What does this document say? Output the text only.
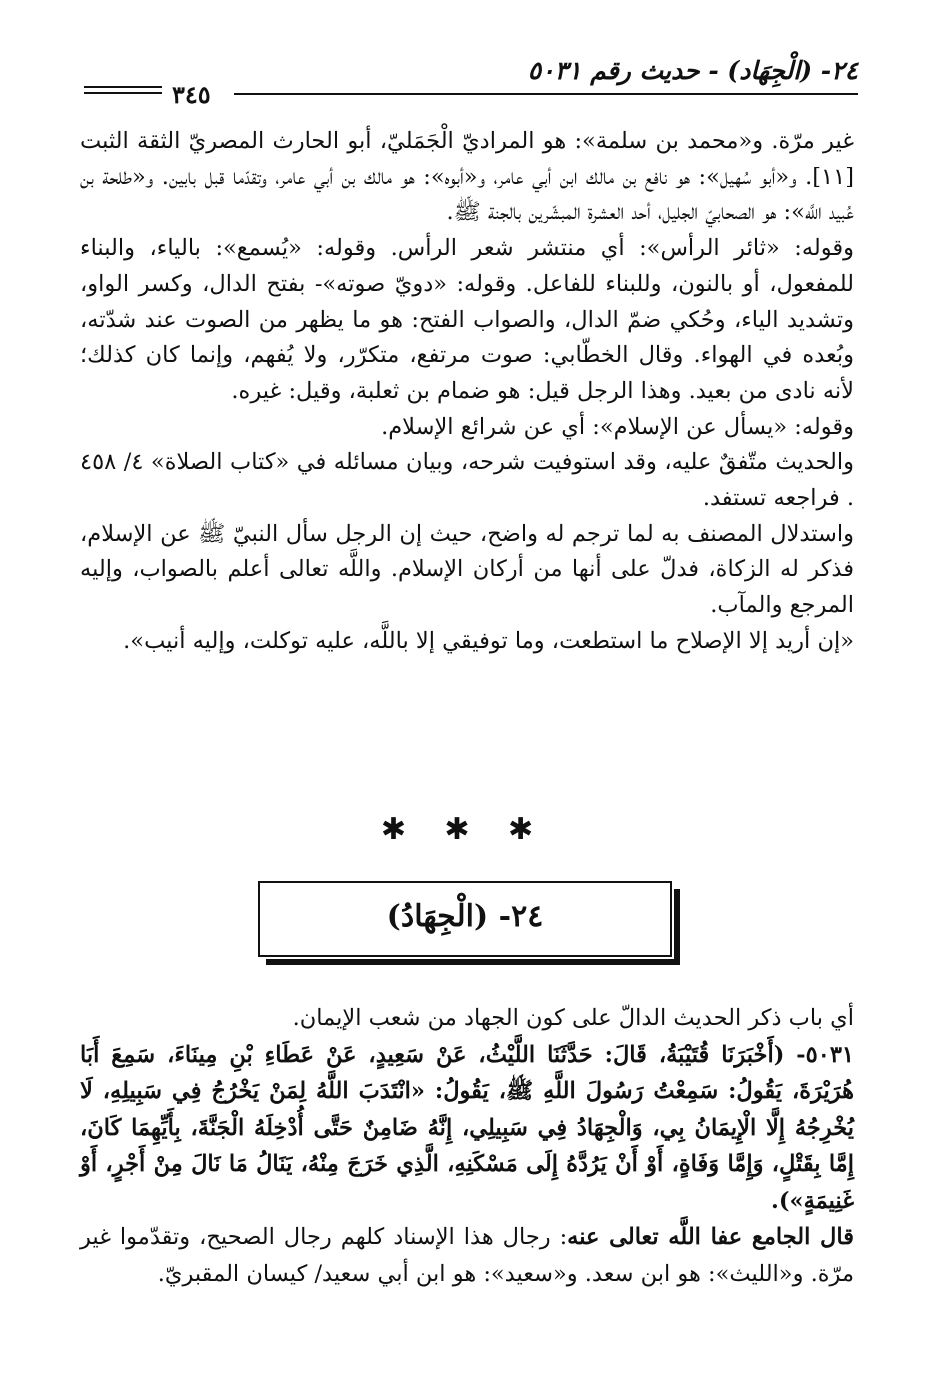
٢٤- (الْجِهَاد) - حديث رقم ٥٠٣١
٣٤٥

غير مرّة. و«محمد بن سلمة»: هو المراديّ الْجَمَليّ، أبو الحارث المصريّ الثقة الثبت [١١]. و«أبو سُهيل»: هو نافع بن مالك ابن أبي عامر، و«أبوه»: هو مالك بن أبي عامر، وتقدّما قبل بابين. و«طلحة بن عُبيد اللَّه»: هو الصحابيّ الجليل، أحد العشرة المبشّرين بالجنة ﷺ.

وقوله: «ثائر الرأس»: أي منتشر شعر الرأس. وقوله: «يُسمع»: بالياء، والبناء للمفعول، أو بالنون، وللبناء للفاعل. وقوله: «دويّ صوته»- بفتح الدال، وكسر الواو، وتشديد الياء، وحُكي ضمّ الدال، والصواب الفتح: هو ما يظهر من الصوت عند شدّته، وبُعده في الهواء. وقال الخطّابي: صوت مرتفع، متكرّر، ولا يُفهم، وإنما كان كذلك؛ لأنه نادى من بعيد. وهذا الرجل قيل: هو ضمام بن ثعلبة، وقيل: غيره.

وقوله: «يسأل عن الإسلام»: أي عن شرائع الإسلام.

والحديث متّفقٌ عليه، وقد استوفيت شرحه، وبيان مسائله في «كتاب الصلاة» ٤/ ٤٥٨ . فراجعه تستفد.

واستدلال المصنف به لما ترجم له واضح، حيث إن الرجل سأل النبيّ ﷺ عن الإسلام، فذكر له الزكاة، فدلّ على أنها من أركان الإسلام. واللَّه تعالى أعلم بالصواب، وإليه المرجع والمآب.

«إن أريد إلا الإصلاح ما استطعت، وما توفيقي إلا باللَّه، عليه توكلت، وإليه أنيب».

✱ ✱ ✱
٢٤- (الْجِهَادُ)

أي باب ذكر الحديث الدالّ على كون الجهاد من شعب الإيمان.

٥٠٣١- (أَخْبَرَنَا قُتَيْبَةُ، قَالَ: حَدَّثَنَا اللَّيْثُ، عَنْ سَعِيدٍ، عَنْ عَطَاءِ بْنِ مِينَاءَ، سَمِعَ أَبَا هُرَيْرَةَ، يَقُولُ: سَمِعْتُ رَسُولَ اللَّهِ ﷺ، يَقُولُ: «انْتَدَبَ اللَّهُ لِمَنْ يَخْرُجُ فِي سَبِيلِهِ، لَا يُخْرِجُهُ إِلَّا الْإِيمَانُ بِي، وَالْجِهَادُ فِي سَبِيلِي، إِنَّهُ ضَامِنٌ حَتَّى أُدْخِلَهُ الْجَنَّةَ، بِأَيِّهِمَا كَانَ، إِمَّا بِقَتْلٍ، وَإِمَّا وَفَاةٍ، أَوْ أَنْ يَرُدَّهُ إِلَى مَسْكَنِهِ، الَّذِي خَرَجَ مِنْهُ، يَنَالُ مَا نَالَ مِنْ أَجْرٍ، أَوْ غَنِيمَةٍ»).

قال الجامع عفا اللَّه تعالى عنه: رجال هذا الإسناد كلهم رجال الصحيح، وتقدّموا غير مرّة. و«الليث»: هو ابن سعد. و«سعيد»: هو ابن أبي سعيد/ كيسان المقبريّ.
